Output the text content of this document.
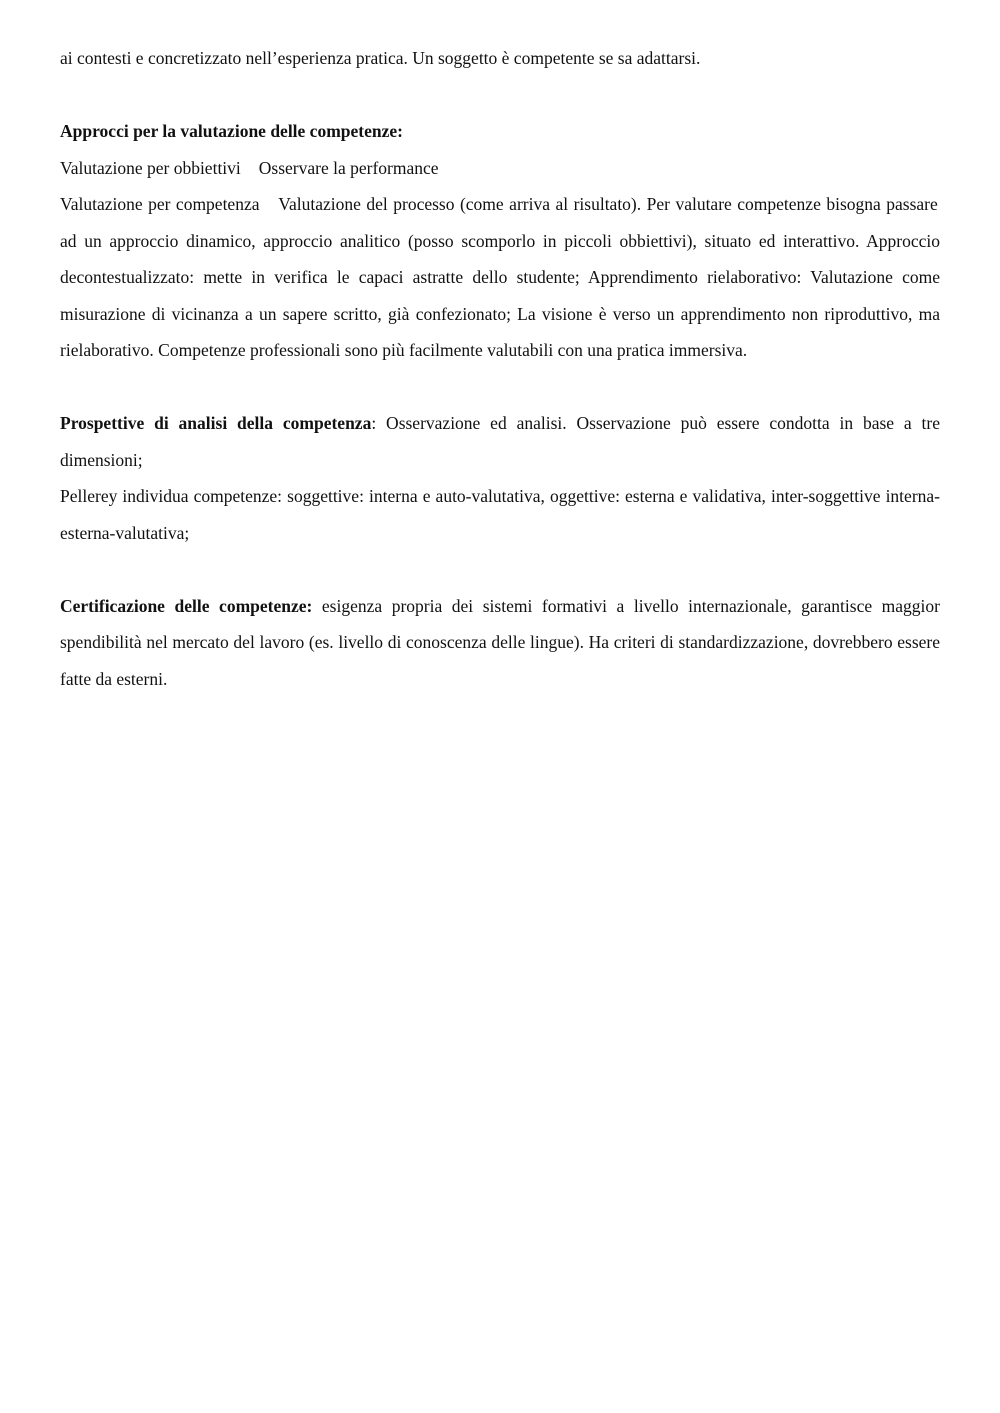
ai contesti e concretizzato nell’esperienza pratica. Un soggetto è competente se sa adattarsi.

Approcci per la valutazione delle competenze:

Valutazione per obbiettivi⃞ Osservare la performance

Valutazione per competenza⃞ Valutazione del processo (come arriva al risultato). Per valutare competenze bisogna passare ad un approccio dinamico, approccio analitico (posso scomporlo in piccoli obbiettivi), situato ed interattivo. Approccio decontestualizzato: mette in verifica le capaci astratte dello studente; Apprendimento rielaborativo: Valutazione come misurazione di vicinanza a un sapere scritto, già confezionato; La visione è verso un apprendimento non riproduttivo, ma rielaborativo. Competenze professionali sono più facilmente valutabili con una pratica immersiva.

Prospettive di analisi della competenza: Osservazione ed analisi. Osservazione può essere condotta in base a tre dimensioni;

Pellerey individua competenze: soggettive: interna e auto-valutativa, oggettive: esterna e validativa, inter-soggettive interna-esterna-valutativa;

Certificazione delle competenze: esigenza propria dei sistemi formativi a livello internazionale, garantisce maggior spendibilità nel mercato del lavoro (es. livello di conoscenza delle lingue). Ha criteri di standardizzazione, dovrebbero essere fatte da esterni.
